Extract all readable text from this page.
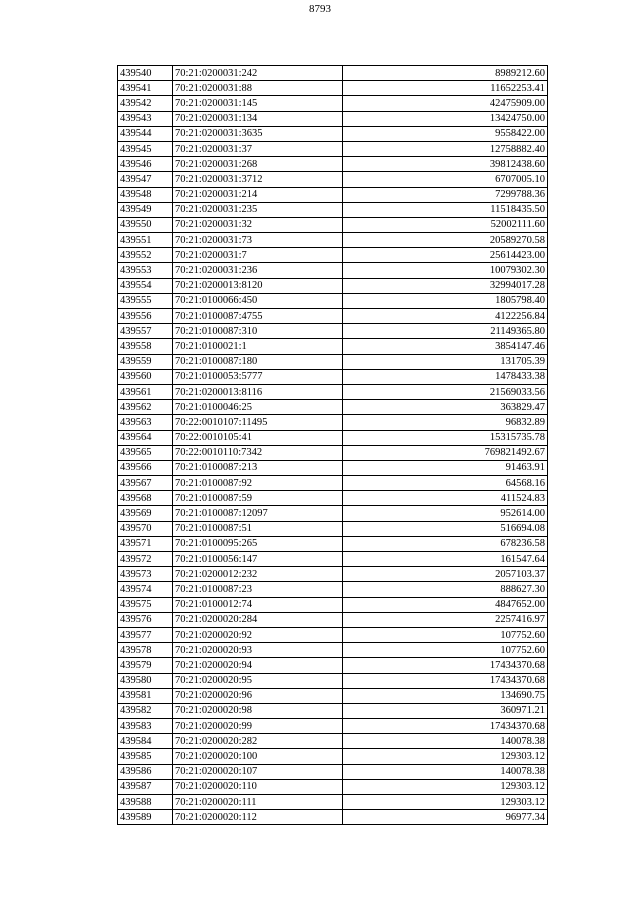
8793
439540	70:21:0200031:242	8989212.60
439541	70:21:0200031:88	11652253.41
439542	70:21:0200031:145	42475909.00
439543	70:21:0200031:134	13424750.00
439544	70:21:0200031:3635	9558422.00
439545	70:21:0200031:37	12758882.40
439546	70:21:0200031:268	39812438.60
439547	70:21:0200031:3712	6707005.10
439548	70:21:0200031:214	7299788.36
439549	70:21:0200031:235	11518435.50
439550	70:21:0200031:32	52002111.60
439551	70:21:0200031:73	20589270.58
439552	70:21:0200031:7	25614423.00
439553	70:21:0200031:236	10079302.30
439554	70:21:0200013:8120	32994017.28
439555	70:21:0100066:450	1805798.40
439556	70:21:0100087:4755	4122256.84
439557	70:21:0100087:310	21149365.80
439558	70:21:0100021:1	3854147.46
439559	70:21:0100087:180	131705.39
439560	70:21:0100053:5777	1478433.38
439561	70:21:0200013:8116	21569033.56
439562	70:21:0100046:25	363829.47
439563	70:22:0010107:11495	96832.89
439564	70:22:0010105:41	15315735.78
439565	70:22:0010110:7342	769821492.67
439566	70:21:0100087:213	91463.91
439567	70:21:0100087:92	64568.16
439568	70:21:0100087:59	411524.83
439569	70:21:0100087:12097	952614.00
439570	70:21:0100087:51	516694.08
439571	70:21:0100095:265	678236.58
439572	70:21:0100056:147	161547.64
439573	70:21:0200012:232	2057103.37
439574	70:21:0100087:23	888627.30
439575	70:21:0100012:74	4847652.00
439576	70:21:0200020:284	2257416.97
439577	70:21:0200020:92	107752.60
439578	70:21:0200020:93	107752.60
439579	70:21:0200020:94	17434370.68
439580	70:21:0200020:95	17434370.68
439581	70:21:0200020:96	134690.75
439582	70:21:0200020:98	360971.21
439583	70:21:0200020:99	17434370.68
439584	70:21:0200020:282	140078.38
439585	70:21:0200020:100	129303.12
439586	70:21:0200020:107	140078.38
439587	70:21:0200020:110	129303.12
439588	70:21:0200020:111	129303.12
439589	70:21:0200020:112	96977.34
